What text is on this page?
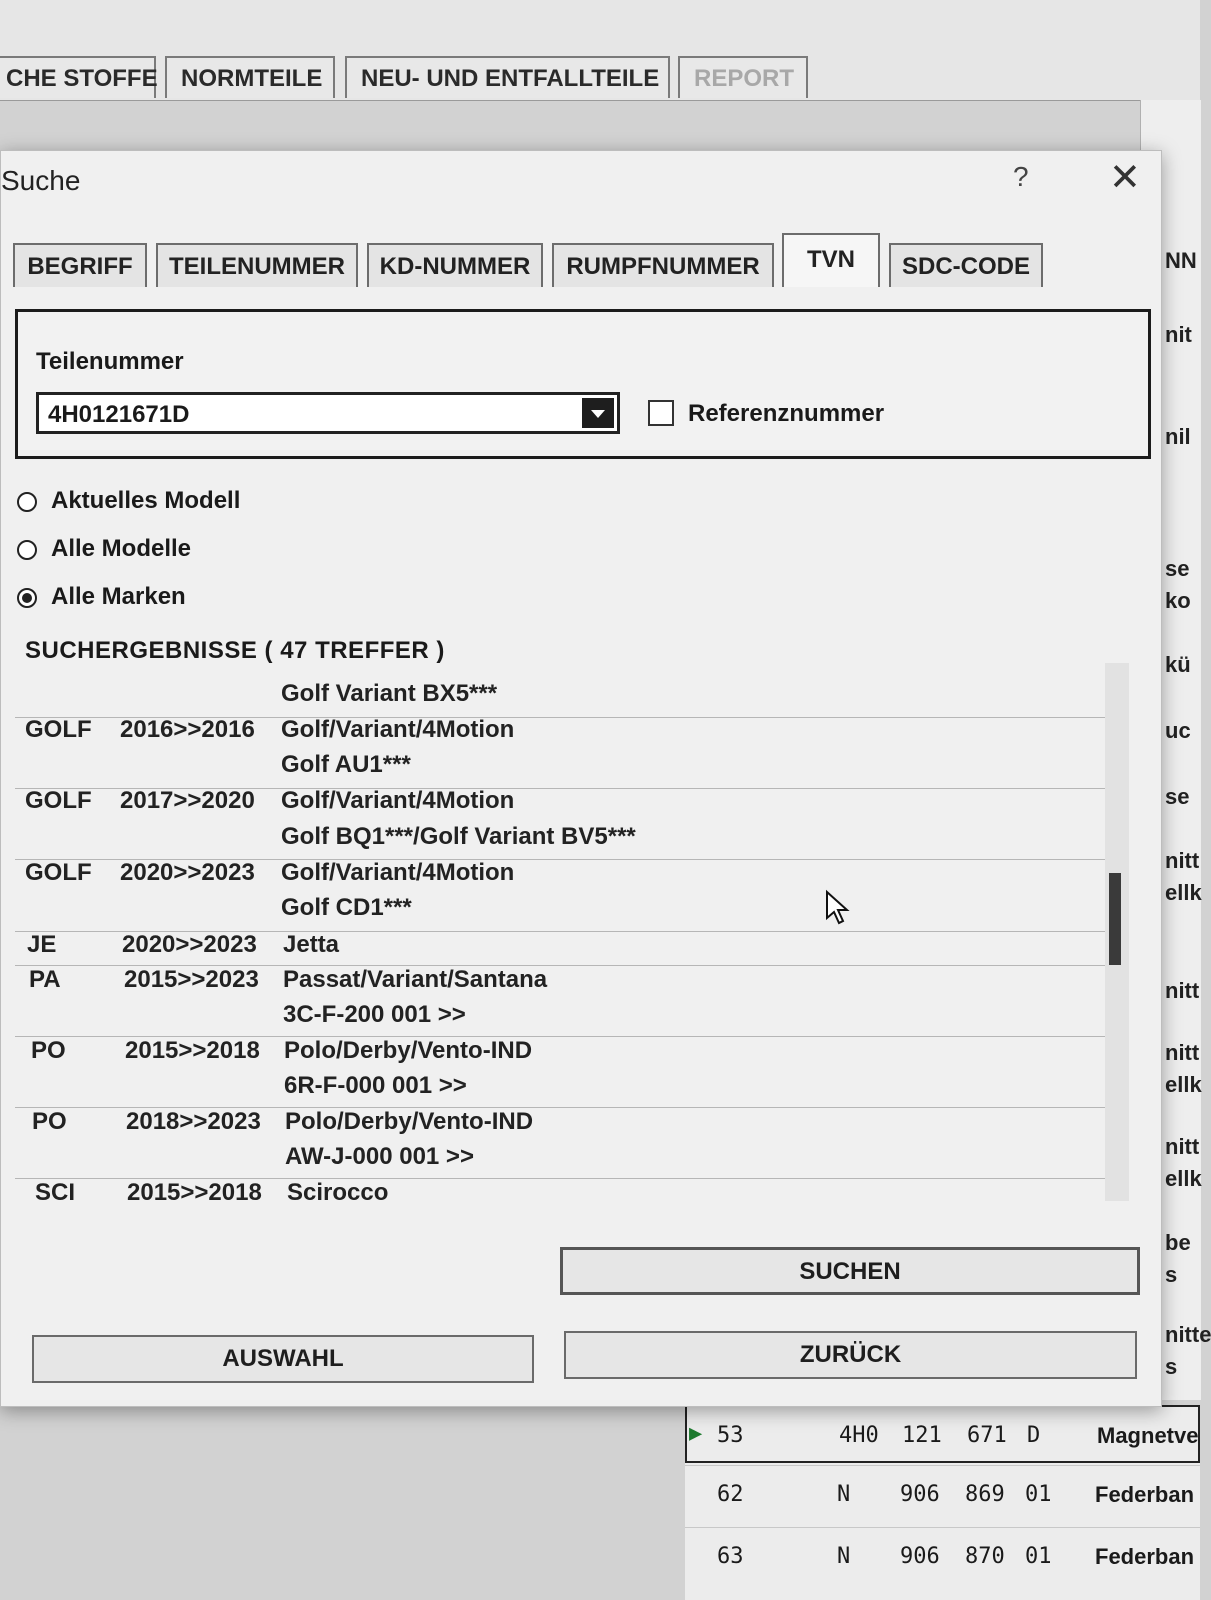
CHE STOFFE NORMTEILE	NEU- UND ENTFALLTEILE	REPORT
NN
nit
nil
se
ko
kü
uc
se
nitt
ellk
nitt
nitt
ellk
nitt
ellk
be
s
nitte
s
▶ 53	4H0 121 671 D	Magnetve
62	N 906 869 01 Federban
63	N 906 870 01 Federban
Suche	? ✕
BEGRIFF	TEILENUMMER	KD-NUMMER	RUMPFNUMMER	TVN	SDC-CODE
Teilenummer
4H0121671D	Referenznummer
Aktuelles Modell
Alle Modelle
Alle Marken
SUCHERGEBNISSE ( 47 TREFFER )
Golf Variant BX5***
GOLF 2016>>2016 Golf/Variant/4Motion
Golf AU1***
GOLF 2017>>2020 Golf/Variant/4Motion
Golf BQ1***/Golf Variant BV5***
GOLF 2020>>2023 Golf/Variant/4Motion
Golf CD1***
JE	2020>>2023 Jetta
PA	2015>>2023 Passat/Variant/Santana
3C-F-200 001 >>
PO 2015>>2018 Polo/Derby/Vento-IND
6R-F-000 001 >>
PO 2018>>2023 Polo/Derby/Vento-IND
AW-J-000 001 >>
SCI 2015>>2018 Scirocco
SUCHEN
AUSWAHL	ZURÜCK
